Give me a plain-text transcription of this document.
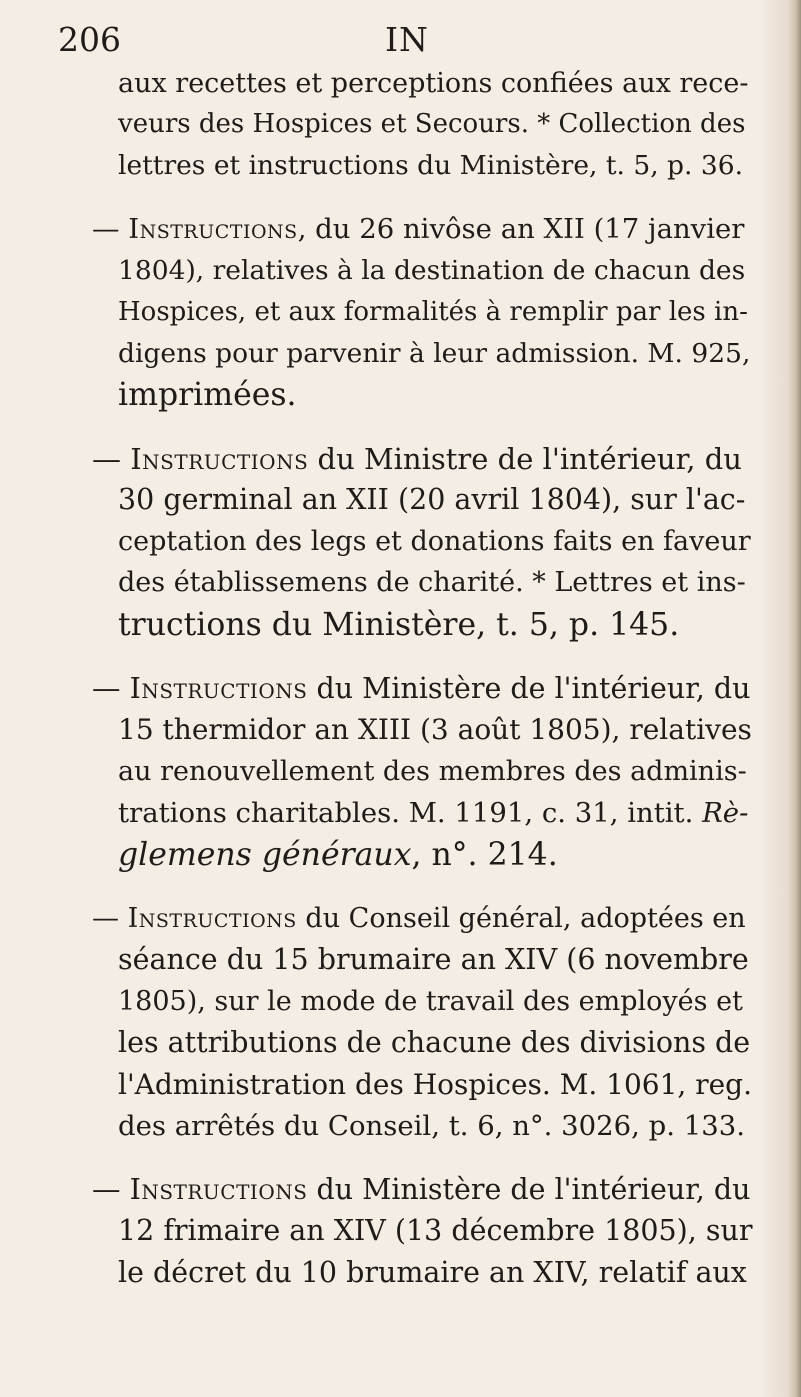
206	IN
aux recettes et perceptions confiées aux rece-
veurs des Hospices et Secours. * Collection des
lettres et instructions du Ministère, t. 5, p. 36.
— Instructions, du 26 nivôse an XII (17 janvier
1804), relatives à la destination de chacun des
Hospices, et aux formalités à remplir par les in-
digens pour parvenir à leur admission. M. 925,
imprimées.
— Instructions du Ministre de l'intérieur, du
30 germinal an XII (20 avril 1804), sur l'ac-
ceptation des legs et donations faits en faveur
des établissemens de charité. * Lettres et ins-
tructions du Ministère, t. 5, p. 145.
— Instructions du Ministère de l'intérieur, du
15 thermidor an XIII (3 août 1805), relatives
au renouvellement des membres des adminis-
trations charitables. M. 1191, c. 31, intit. Rè-
glemens généraux, n°. 214.
— Instructions du Conseil général, adoptées en
séance du 15 brumaire an XIV (6 novembre
1805), sur le mode de travail des employés et
les attributions de chacune des divisions de
l'Administration des Hospices. M. 1061, reg.
des arrêtés du Conseil, t. 6, n°. 3026, p. 133.
— Instructions du Ministère de l'intérieur, du
12 frimaire an XIV (13 décembre 1805), sur
le décret du 10 brumaire an XIV, relatif aux
